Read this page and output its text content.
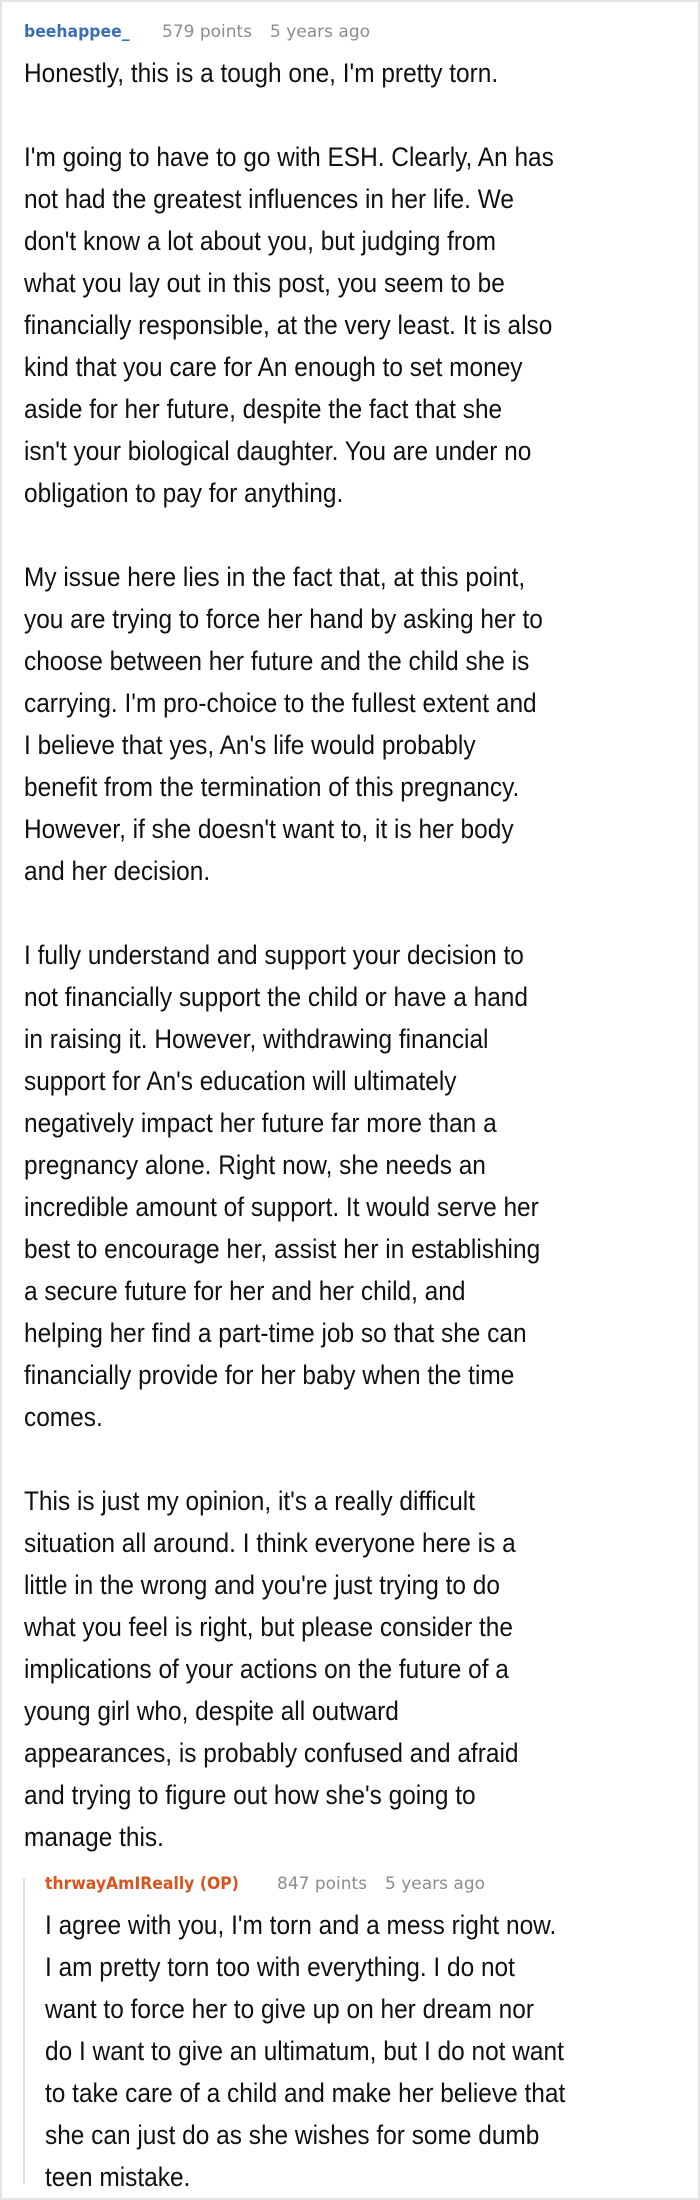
beehappee_ 579 points 5 years ago
Honestly, this is a tough one, I'm pretty torn.
I'm going to have to go with ESH. Clearly, An has
not had the greatest influences in her life. We
don't know a lot about you, but judging from
what you lay out in this post, you seem to be
financially responsible, at the very least. It is also
kind that you care for An enough to set money
aside for her future, despite the fact that she
isn't your biological daughter. You are under no
obligation to pay for anything.
My issue here lies in the fact that, at this point,
you are trying to force her hand by asking her to
choose between her future and the child she is
carrying. I'm pro-choice to the fullest extent and
I believe that yes, An's life would probably
benefit from the termination of this pregnancy.
However, if she doesn't want to, it is her body
and her decision.
I fully understand and support your decision to
not financially support the child or have a hand
in raising it. However, withdrawing financial
support for An's education will ultimately
negatively impact her future far more than a
pregnancy alone. Right now, she needs an
incredible amount of support. It would serve her
best to encourage her, assist her in establishing
a secure future for her and her child, and
helping her find a part-time job so that she can
financially provide for her baby when the time
comes.
This is just my opinion, it's a really difficult
situation all around. I think everyone here is a
little in the wrong and you're just trying to do
what you feel is right, but please consider the
implications of your actions on the future of a
young girl who, despite all outward
appearances, is probably confused and afraid
and trying to figure out how she's going to
manage this.
thrwayAmIReally (OP) 847 points 5 years ago
I agree with you, I'm torn and a mess right now.
I am pretty torn too with everything. I do not
want to force her to give up on her dream nor
do I want to give an ultimatum, but I do not want
to take care of a child and make her believe that
she can just do as she wishes for some dumb
teen mistake.
